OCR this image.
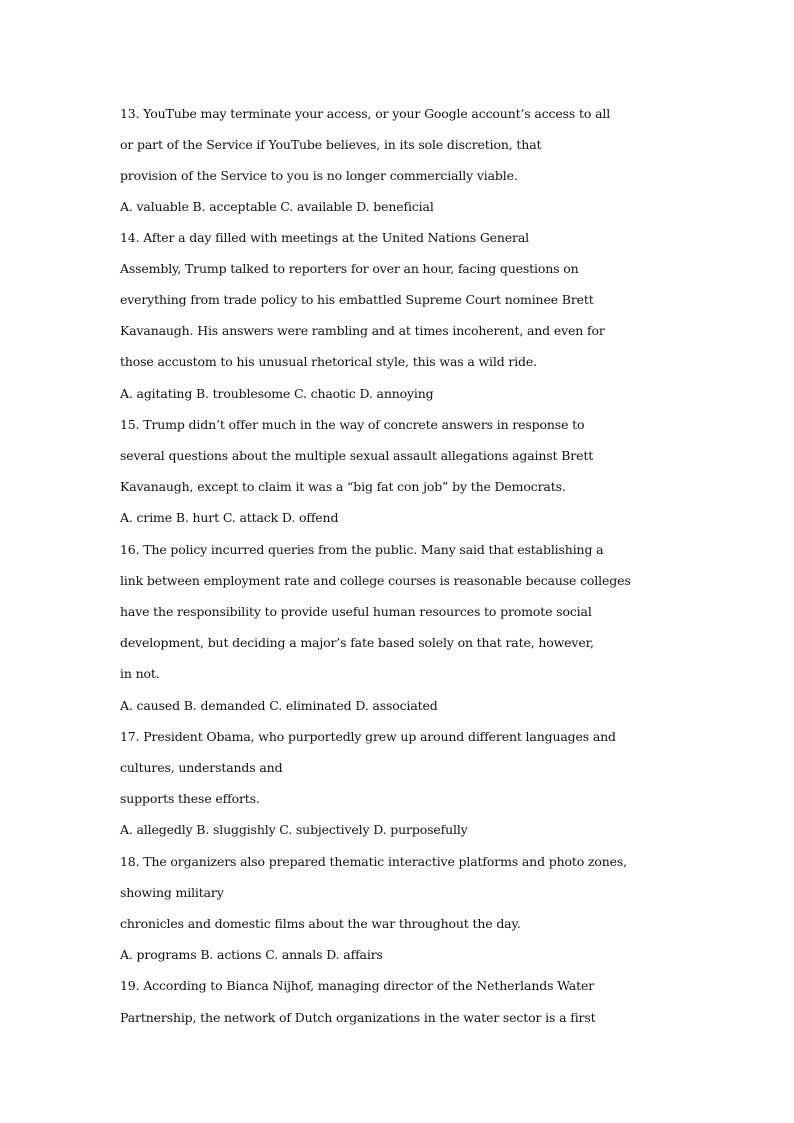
13. YouTube may terminate your access, or your Google account’s access to all
or part of the Service if YouTube believes, in its sole discretion, that
provision of the Service to you is no longer commercially viable.
A. valuable B. acceptable C. available D. beneficial
14. After a day filled with meetings at the United Nations General
Assembly, Trump talked to reporters for over an hour, facing questions on
everything from trade policy to his embattled Supreme Court nominee Brett
Kavanaugh. His answers were rambling and at times incoherent, and even for
those accustom to his unusual rhetorical style, this was a wild ride.
A. agitating B. troublesome C. chaotic D. annoying
15. Trump didn’t offer much in the way of concrete answers in response to
several questions about the multiple sexual assault allegations against Brett
Kavanaugh, except to claim it was a “big fat con job” by the Democrats.
A. crime B. hurt C. attack D. offend
16. The policy incurred queries from the public. Many said that establishing a
link between employment rate and college courses is reasonable because colleges
have the responsibility to provide useful human resources to promote social
development, but deciding a major’s fate based solely on that rate, however,
in not.
A. caused B. demanded C. eliminated D. associated
17. President Obama, who purportedly grew up around different languages and
cultures, understands and
supports these efforts.
A. allegedly B. sluggishly C. subjectively D. purposefully
18. The organizers also prepared thematic interactive platforms and photo zones,
showing military
chronicles and domestic films about the war throughout the day.
A. programs B. actions C. annals D. affairs
19. According to Bianca Nijhof, managing director of the Netherlands Water
Partnership, the network of Dutch organizations in the water sector is a first
